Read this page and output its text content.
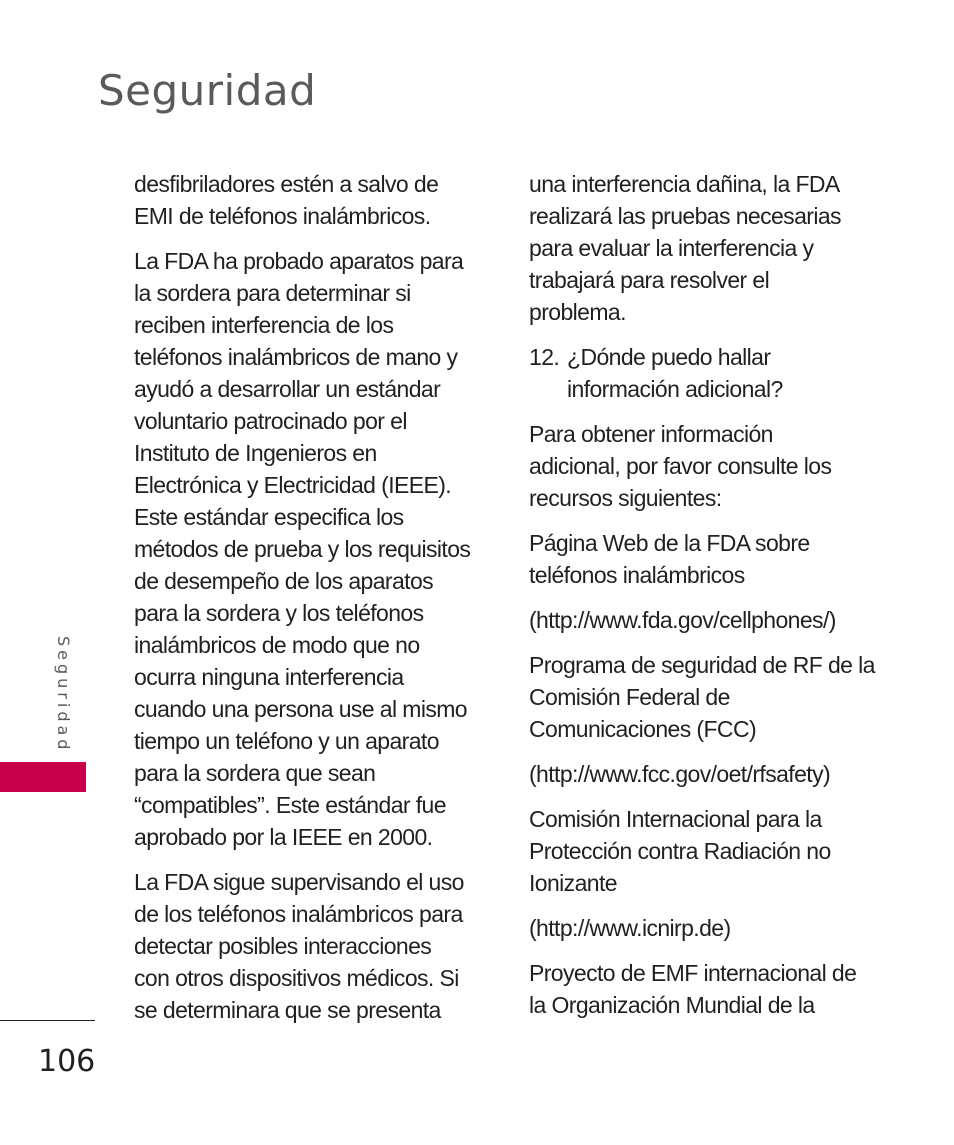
Seguridad

desfibriladores estén a salvo de
EMI de teléfonos inalámbricos.

La FDA ha probado aparatos para
la sordera para determinar si
reciben interferencia de los
teléfonos inalámbricos de mano y
ayudó a desarrollar un estándar
voluntario patrocinado por el
Instituto de Ingenieros en
Electrónica y Electricidad (IEEE).
Este estándar especifica los
métodos de prueba y los requisitos
de desempeño de los aparatos
para la sordera y los teléfonos
inalámbricos de modo que no
ocurra ninguna interferencia
cuando una persona use al mismo
tiempo un teléfono y un aparato
para la sordera que sean
“compatibles”. Este estándar fue
aprobado por la IEEE en 2000.

La FDA sigue supervisando el uso
de los teléfonos inalámbricos para
detectar posibles interacciones
con otros dispositivos médicos. Si
se determinara que se presenta

una interferencia dañina, la FDA
realizará las pruebas necesarias
para evaluar la interferencia y
trabajará para resolver el
problema.

12. ¿Dónde puedo hallar
información adicional?

Para obtener información
adicional, por favor consulte los
recursos siguientes:

Página Web de la FDA sobre
teléfonos inalámbricos

(http://www.fda.gov/cellphones/)

Programa de seguridad de RF de la
Comisión Federal de
Comunicaciones (FCC)

(http://www.fcc.gov/oet/rfsafety)

Comisión Internacional para la
Protección contra Radiación no
Ionizante

(http://www.icnirp.de)

Proyecto de EMF internacional de
la Organización Mundial de la

Seguridad
106
